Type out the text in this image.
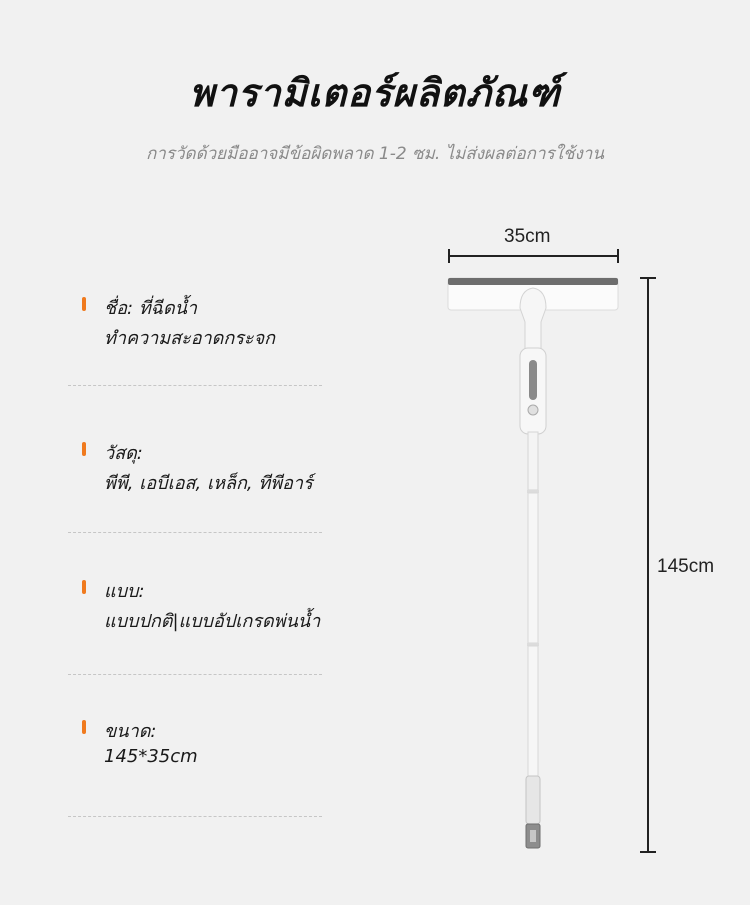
พารามิเตอร์ผลิตภัณฑ์
การวัดด้วยมืออาจมีข้อผิดพลาด 1-2 ซม. ไม่ส่งผลต่อการใช้งาน
ชื่อ: ที่ฉีดน้ำ
ทำความสะอาดกระจก
วัสดุ:
พีพี, เอบีเอส, เหล็ก, ทีพีอาร์
แบบ:
แบบปกติ|แบบอัปเกรดพ่นน้ำ
ขนาด:
145*35cm
35cm
145cm
